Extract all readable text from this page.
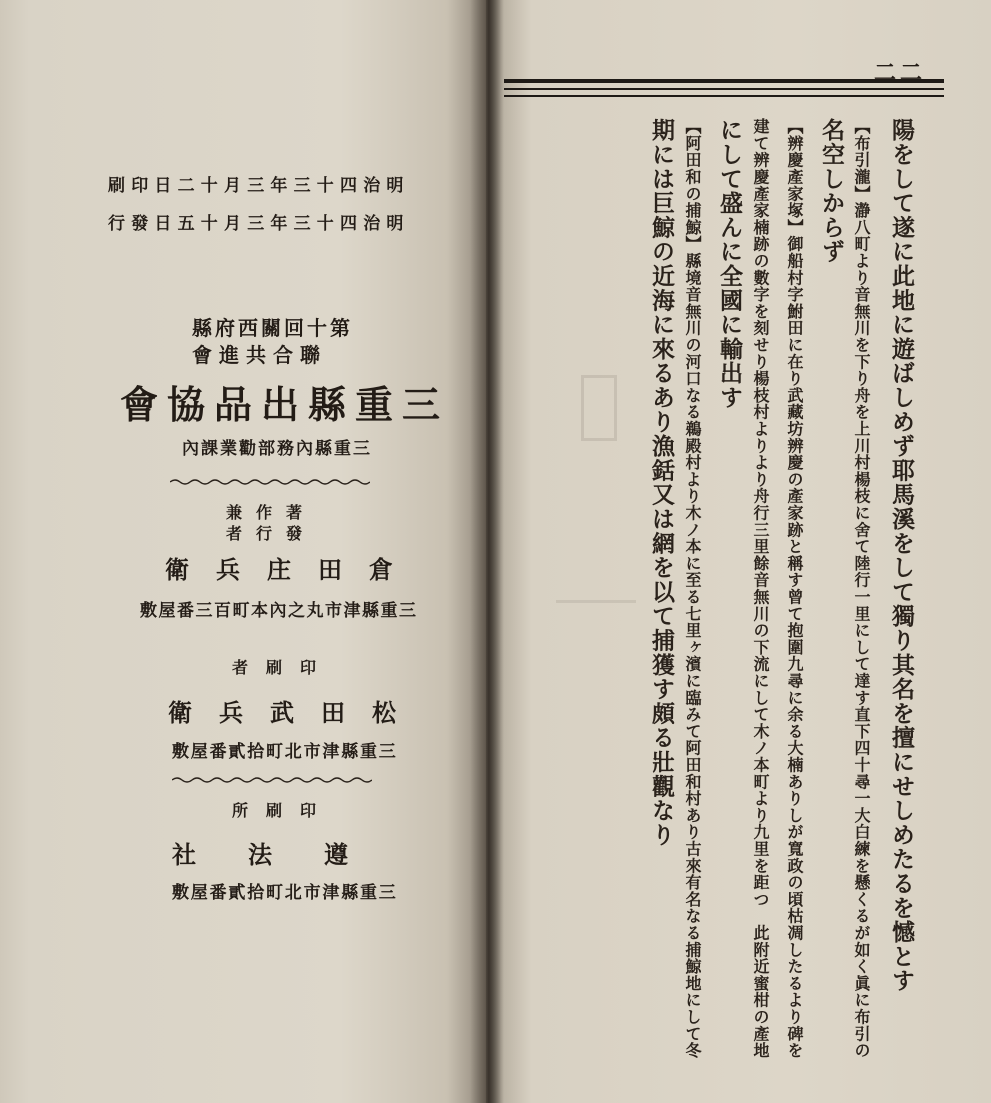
明治四十三年三月十二日印刷
明治四十三年三月十五日發行
第十回關西府縣
聯合共進會
三重縣出品協會
三重縣內務部勸業課內
著作兼
發行者
倉田庄兵衛
三重縣津市丸之內本町百三番屋敷
印刷者
松田武兵衛
三重縣津市北町拾貳番屋敷
印刷所
遵法社
三重縣津市北町拾貳番屋敷
二二
陽をして遂に此地に遊ばしめず耶馬溪をして獨り其名を擅にせしめたるを憾とす
【布引瀧】瀞八町より音無川を下り舟を上川村楊枝に舍て陸行一里にして達す直下四十尋一大白練を懸くるが如く眞に布引の
名空しからず
【辨慶產家塚】御船村字鮒田に在り武藏坊辨慶の產家跡と稱す曾て抱圍九尋に余る大楠ありしが寬政の頃枯凋したるより碑を
建て辨慶產家楠跡の數字を刻せり楊枝村よりより舟行三里餘音無川の下流にして木ノ本町より九里を距つ　此附近蜜柑の產地
にして盛んに全國に輸出す
【阿田和の捕鯨】縣境音無川の河口なる鵜殿村より木ノ本に至る七里ヶ濱に臨みて阿田和村あり古來有名なる捕鯨地にして冬
期には巨鯨の近海に來るあり漁銛又は網を以て捕獲す頗る壯觀なり
